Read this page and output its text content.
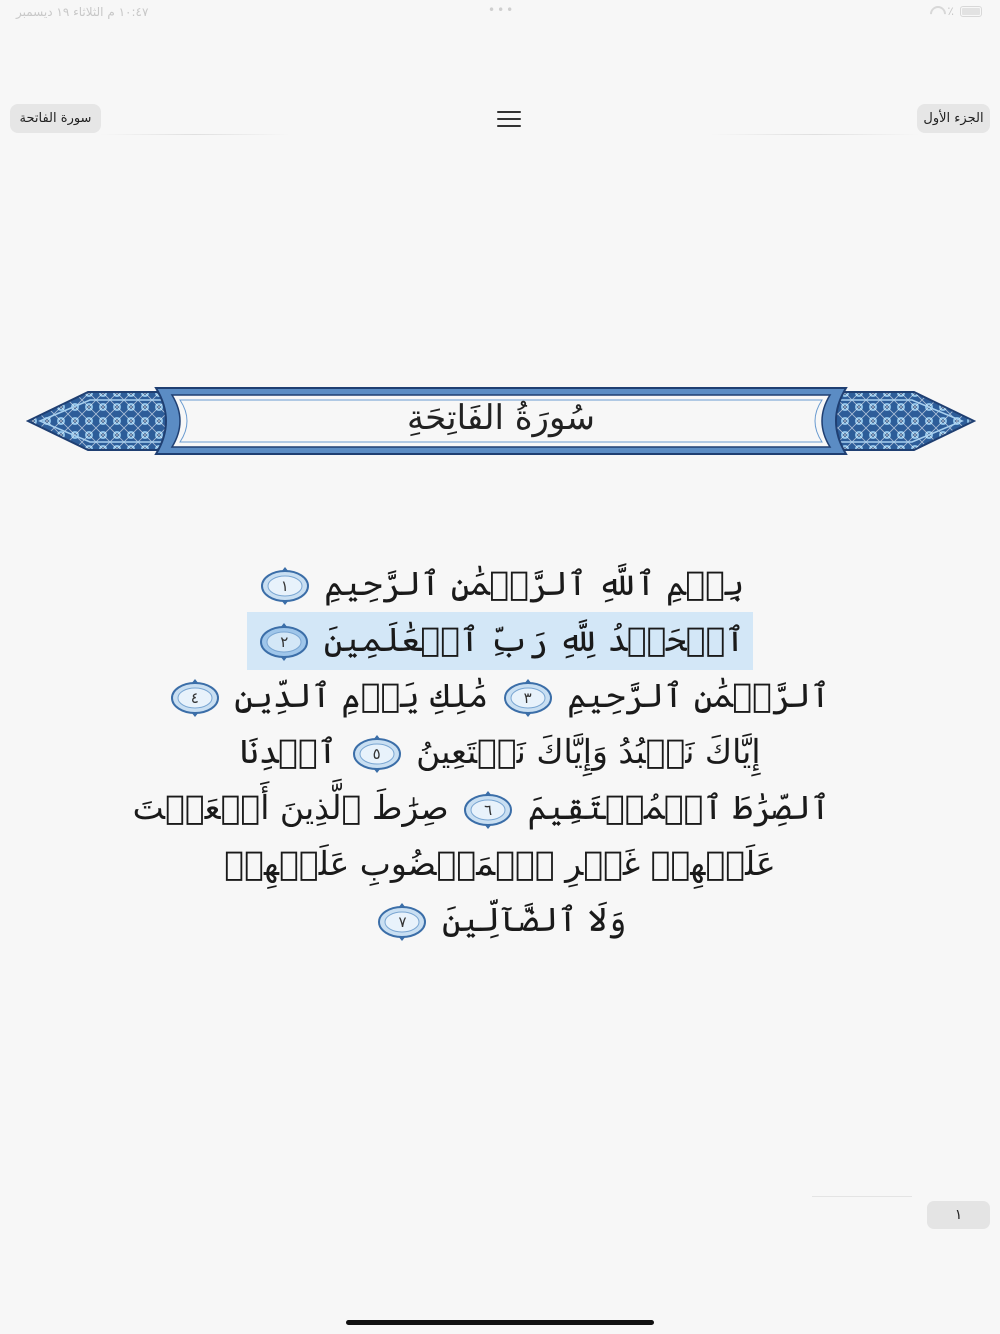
١٠:٤٧ م الثلاثاء ١٩ ديسمبر	•••	٪
سورة الفاتحة	الجزء الأول
سُورَةُ الفَاتِحَةِ
بِسۡمِ ٱللَّهِ ٱلرَّحۡمَٰنِ ٱلرَّحِيمِ
١
ٱلۡحَمۡدُ لِلَّهِ رَبِّ ٱلۡعَٰلَمِينَ
٢
ٱلرَّحۡمَٰنِ ٱلرَّحِيمِ
٣
مَٰلِكِ يَوۡمِ ٱلدِّينِ
٤
إِيَّاكَ نَعۡبُدُ وَإِيَّاكَ نَسۡتَعِينُ
٥
ٱهۡدِنَا
ٱلصِّرَٰطَ ٱلۡمُسۡتَقِيمَ
٦
صِرَٰطَ ٱلَّذِينَ أَنۡعَمۡتَ
عَلَيۡهِمۡ غَيۡرِ ٱلۡمَغۡضُوبِ عَلَيۡهِمۡ
وَلَا ٱلضَّآلِّينَ
٧
١
